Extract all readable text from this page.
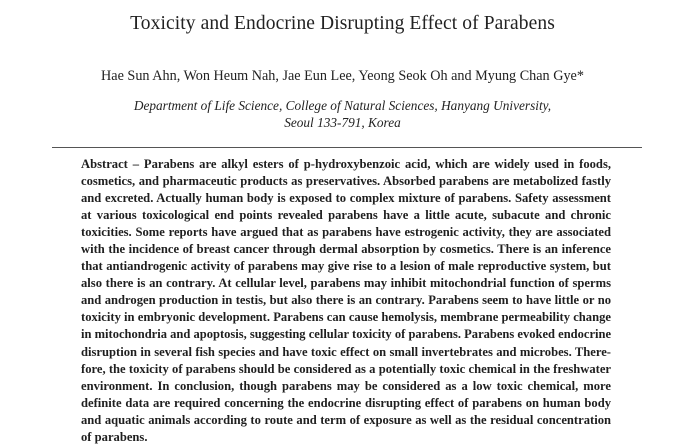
Toxicity and Endocrine Disrupting Effect of Parabens
Hae Sun Ahn, Won Heum Nah, Jae Eun Lee, Yeong Seok Oh and Myung Chan Gye*
Department of Life Science, College of Natural Sciences, Hanyang University,
Seoul 133-791, Korea
Abstract – Parabens are alkyl esters of p-hydroxybenzoic acid, which are widely used in foods,
cosmetics, and pharmaceutic products as preservatives. Absorbed parabens are metabolized fastly
and excreted. Actually human body is exposed to complex mixture of parabens. Safety assessment
at various toxicological end points revealed parabens have a little acute, subacute and chronic
toxicities. Some reports have argued that as parabens have estrogenic activity, they are associated
with the incidence of breast cancer through dermal absorption by cosmetics. There is an inference
that antiandrogenic activity of parabens may give rise to a lesion of male reproductive system, but
also there is an contrary. At cellular level, parabens may inhibit mitochondrial function of sperms
and androgen production in testis, but also there is an contrary. Parabens seem to have little or no
toxicity in embryonic development. Parabens can cause hemolysis, membrane permeability change
in mitochondria and apoptosis, suggesting cellular toxicity of parabens. Parabens evoked endocrine
disruption in several fish species and have toxic effect on small invertebrates and microbes. There-
fore, the toxicity of parabens should be considered as a potentially toxic chemical in the freshwater
environment. In conclusion, though parabens may be considered as a low toxic chemical, more
definite data are required concerning the endocrine disrupting effect of parabens on human body
and aquatic animals according to route and term of exposure as well as the residual concentration
of parabens.
